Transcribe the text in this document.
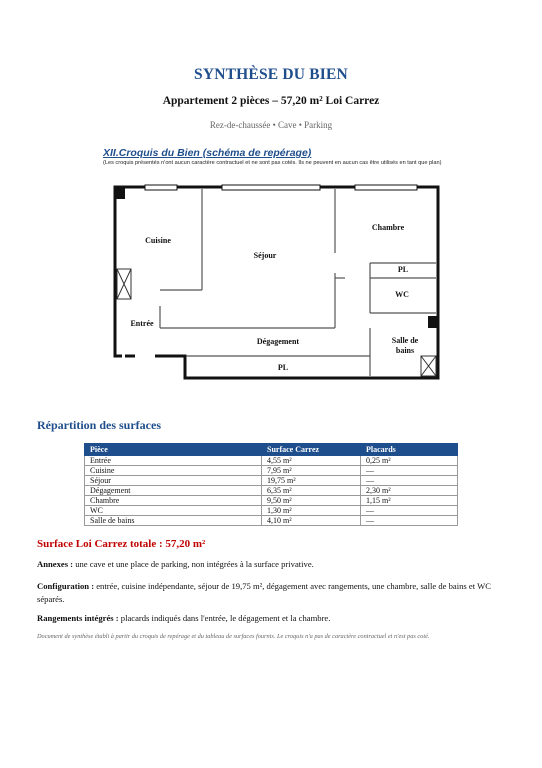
SYNTHÈSE DU BIEN
Appartement 2 pièces – 57,20 m² Loi Carrez
Rez-de-chaussée • Cave • Parking
XII.Croquis du Bien (schéma de repérage)
(Les croquis présentés n'ont aucun caractère contractuel et ne sont pas cotés. Ils ne peuvent en aucun cas être utilisés en tant que plan)
Cuisine
Séjour
Chambre
PL
WC
Entrée
Dégagement	Salle de
bains
PL
Répartition des surfaces
Pièce	Surface Carrez	Placards
Entrée	4,55 m²	0,25 m²
Cuisine	7,95 m²	—
Séjour	19,75 m²	—
Dégagement	6,35 m²	2,30 m²
Chambre	9,50 m²	1,15 m²
WC	1,30 m²	—
Salle de bains	4,10 m²	—
Surface Loi Carrez totale : 57,20 m²
Annexes : une cave et une place de parking, non intégrées à la surface privative.
Configuration : entrée, cuisine indépendante, séjour de 19,75 m², dégagement avec rangements, une chambre, salle de bains et WC séparés.
Rangements intégrés : placards indiqués dans l'entrée, le dégagement et la chambre.
Document de synthèse établi à partir du croquis de repérage et du tableau de surfaces fournis. Le croquis n'a pas de caractère contractuel et n'est pas coté.
